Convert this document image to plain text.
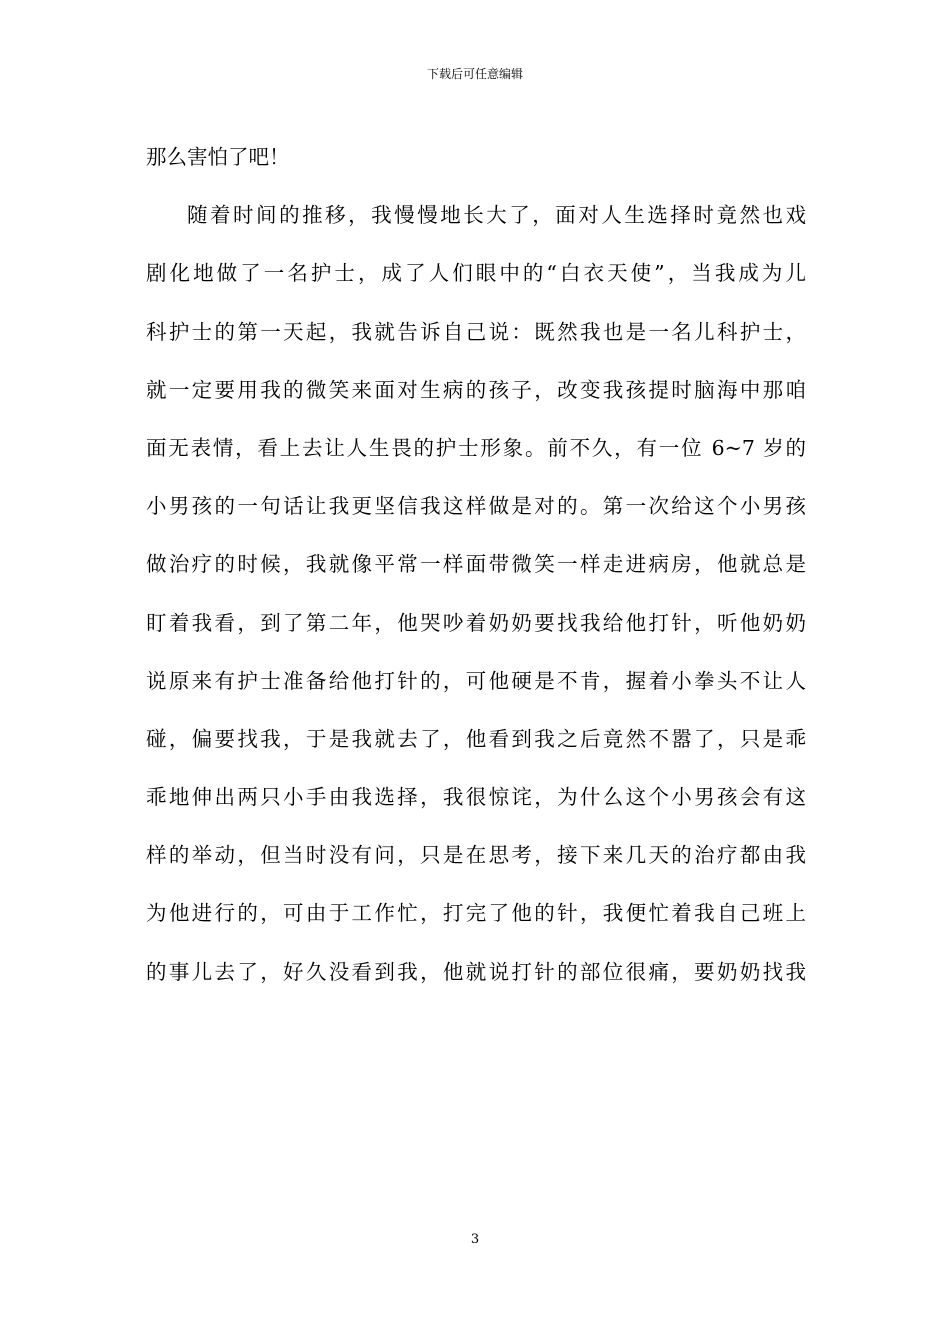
下载后可任意编辑
那么害怕了吧！
随着时间的推移，我慢慢地长大了，面对人生选择时竟然也戏
剧化地做了一名护士，成了人们眼中的“白衣天使”，当我成为儿
科护士的第一天起，我就告诉自己说：既然我也是一名儿科护士，
就一定要用我的微笑来面对生病的孩子，改变我孩提时脑海中那咱
面无表情，看上去让人生畏的护士形象。前不久，有一位 6~7 岁的
小男孩的一句话让我更坚信我这样做是对的。第一次给这个小男孩
做治疗的时候，我就像平常一样面带微笑一样走进病房，他就总是
盯着我看，到了第二年，他哭吵着奶奶要找我给他打针，听他奶奶
说原来有护士准备给他打针的，可他硬是不肯，握着小拳头不让人
碰，偏要找我，于是我就去了，他看到我之后竟然不嚣了，只是乖
乖地伸出两只小手由我选择，我很惊诧，为什么这个小男孩会有这
样的举动，但当时没有问，只是在思考，接下来几天的治疗都由我
为他进行的，可由于工作忙，打完了他的针，我便忙着我自己班上
的事儿去了，好久没看到我，他就说打针的部位很痛，要奶奶找我
3
